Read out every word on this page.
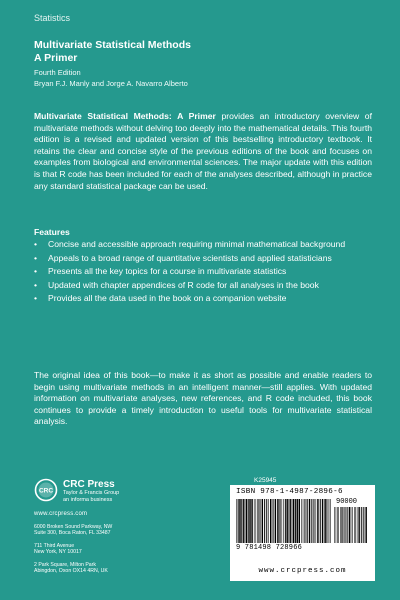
Statistics
Multivariate Statistical Methods
A Primer
Fourth Edition
Bryan F.J. Manly and Jorge A. Navarro Alberto
Multivariate Statistical Methods: A Primer provides an introductory overview of multivariate methods without delving too deeply into the mathematical details. This fourth edition is a revised and updated version of this bestselling introductory textbook. It retains the clear and concise style of the previous editions of the book and focuses on examples from biological and environmental sciences. The major update with this edition is that R code has been included for each of the analyses described, although in practice any standard statistical package can be used.
Features
• Concise and accessible approach requiring minimal mathematical background
• Appeals to a broad range of quantitative scientists and applied statisticians
• Presents all the key topics for a course in multivariate statistics
• Updated with chapter appendices of R code for all analyses in the book
• Provides all the data used in the book on a companion website
The original idea of this book—to make it as short as possible and enable readers to begin using multivariate methods in an intelligent manner—still applies. With updated information on multivariate analyses, new references, and R code included, this book continues to provide a timely introduction to useful tools for multivariate statistical analysis.
CRC
CRC Press
Taylor & Francis Group
an informa business
www.crcpress.com
6000 Broken Sound Parkway, NW
Suite 300, Boca Raton, FL 33487
711 Third Avenue
New York, NY 10017
2 Park Square, Milton Park
Abingdon, Oxon OX14 4RN, UK
K25945
ISBN 978-1-4987-2896-6
90000
9 781498 728966
www.crcpress.com
